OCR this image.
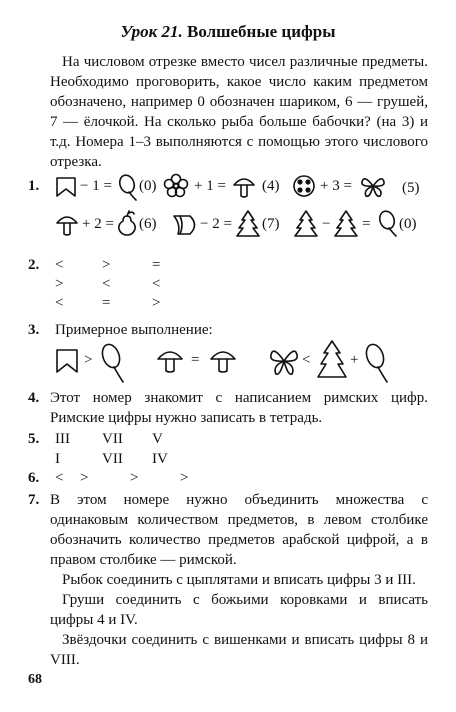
Урок 21. Волшебные цифры
На числовом отрезке вместо чисел различные предметы. Необходимо проговорить, какое число каким предметом обозначено, например 0 обозначен шариком, 6 — грушей, 7 — ёлочкой. На сколько рыба больше бабочки? (на 3) и т.д. Номера 1–3 выполняются с помощью этого числового отрезка.
1.	− 1 = (0)	+ 1 = (4)	+ 3 =	(5)
+ 2 = (6)	− 2 = (7)	− = (0)
2. <	>	=
>	<	<
<	=	>
3. Примерное выполнение:
>	=	<	+
4. Этот номер знакомит с написанием римских цифр. Римские цифры нужно записать в тетрадь.
5. III VII V
I	VII IV
6. < >	>	>
7. В этом номере нужно объединить множества с одинаковым количеством предметов, в левом столбике обозначить количество предметов арабской цифрой, а в правом столбике — римской.
Рыбок соединить с цыплятами и вписать цифры 3 и III.
Груши соединить с божьими коровками и вписать цифры 4 и IV.
Звёздочки соединить с вишенками и вписать цифры 8 и VIII.
68
